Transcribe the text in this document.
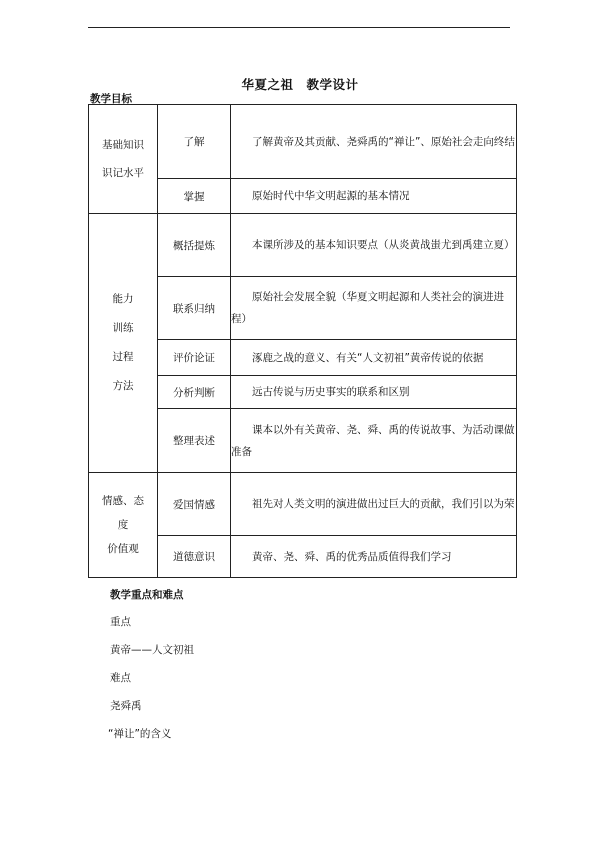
华夏之祖　教学设计
教学目标
基础知识
识记水平	了解	了解黄帝及其贡献、尧舜禹的“禅让”、原始社会走向终结
	掌握	原始时代中华文明起源的基本情况

能力
训练
过程
方法	概括提炼	本课所涉及的基本知识要点（从炎黄战蚩尤到禹建立夏）
	联系归纳	原始社会发展全貌（华夏文明起源和人类社会的演进进程）
	评价论证	涿鹿之战的意义、有关“人文初祖”黄帝传说的依据
	分析判断	远古传说与历史事实的联系和区别
	整理表述	课本以外有关黄帝、尧、舜、禹的传说故事、为活动课做准备

情感、态
度
价值观	爱国情感	祖先对人类文明的演进做出过巨大的贡献，我们引以为荣
	道德意识	黄帝、尧、舜、禹的优秀品质值得我们学习
教学重点和难点
重点
黄帝——人文初祖
难点
尧舜禹
“禅让”的含义
